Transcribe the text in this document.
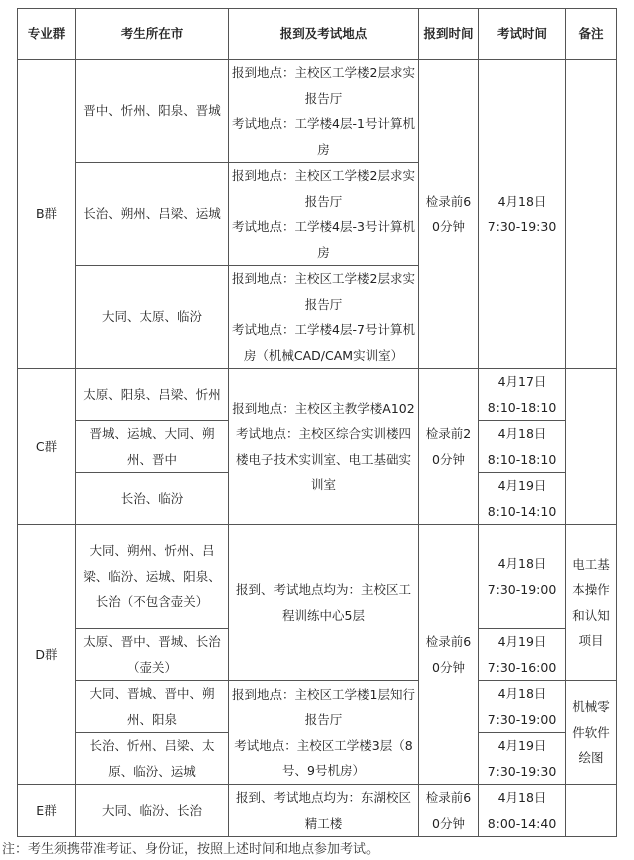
专业群	考生所在市	报到及考试地点	报到时间	考试时间	备注
B群	晋中、忻州、阳泉、晋城	报到地点：主校区工学楼2层求实报告厅
考试地点：工学楼4层-1号计算机房	检录前60分钟	4月18日
7:30-19:30	
	长治、朔州、吕梁、运城	报到地点：主校区工学楼2层求实报告厅
考试地点：工学楼4层-3号计算机房			
	大同、太原、临汾	报到地点：主校区工学楼2层求实报告厅
考试地点：工学楼4层-7号计算机房（机械CAD/CAM实训室）			
C群	太原、阳泉、吕梁、忻州	报到地点：主校区主教学楼A102
考试地点：主校区综合实训楼四楼电子技术实训室、电工基础实训室	检录前20分钟	4月17日
8:10-18:10	
	晋城、运城、大同、朔州、晋中			4月18日
8:10-18:10	
	长治、临汾			4月19日
8:10-14:10	
D群	大同、朔州、忻州、吕梁、临汾、运城、阳泉、长治（不包含壶关）	报到、考试地点均为：主校区工程训练中心5层	检录前60分钟	4月18日
7:30-19:00	电工基本操作和认知项目
	太原、晋中、晋城、长治（壶关）			4月19日
7:30-16:00	
	大同、晋城、晋中、朔州、阳泉	报到地点：主校区工学楼1层知行报告厅
考试地点：主校区工学楼3层（8号、9号机房）		4月18日
7:30-19:00	机械零件软件绘图
	长治、忻州、吕梁、太原、临汾、运城			4月19日
7:30-19:30	
E群	大同、临汾、长治	报到、考试地点均为：东湖校区精工楼	检录前60分钟	4月18日
8:00-14:40	
注：考生须携带准考证、身份证，按照上述时间和地点参加考试。
